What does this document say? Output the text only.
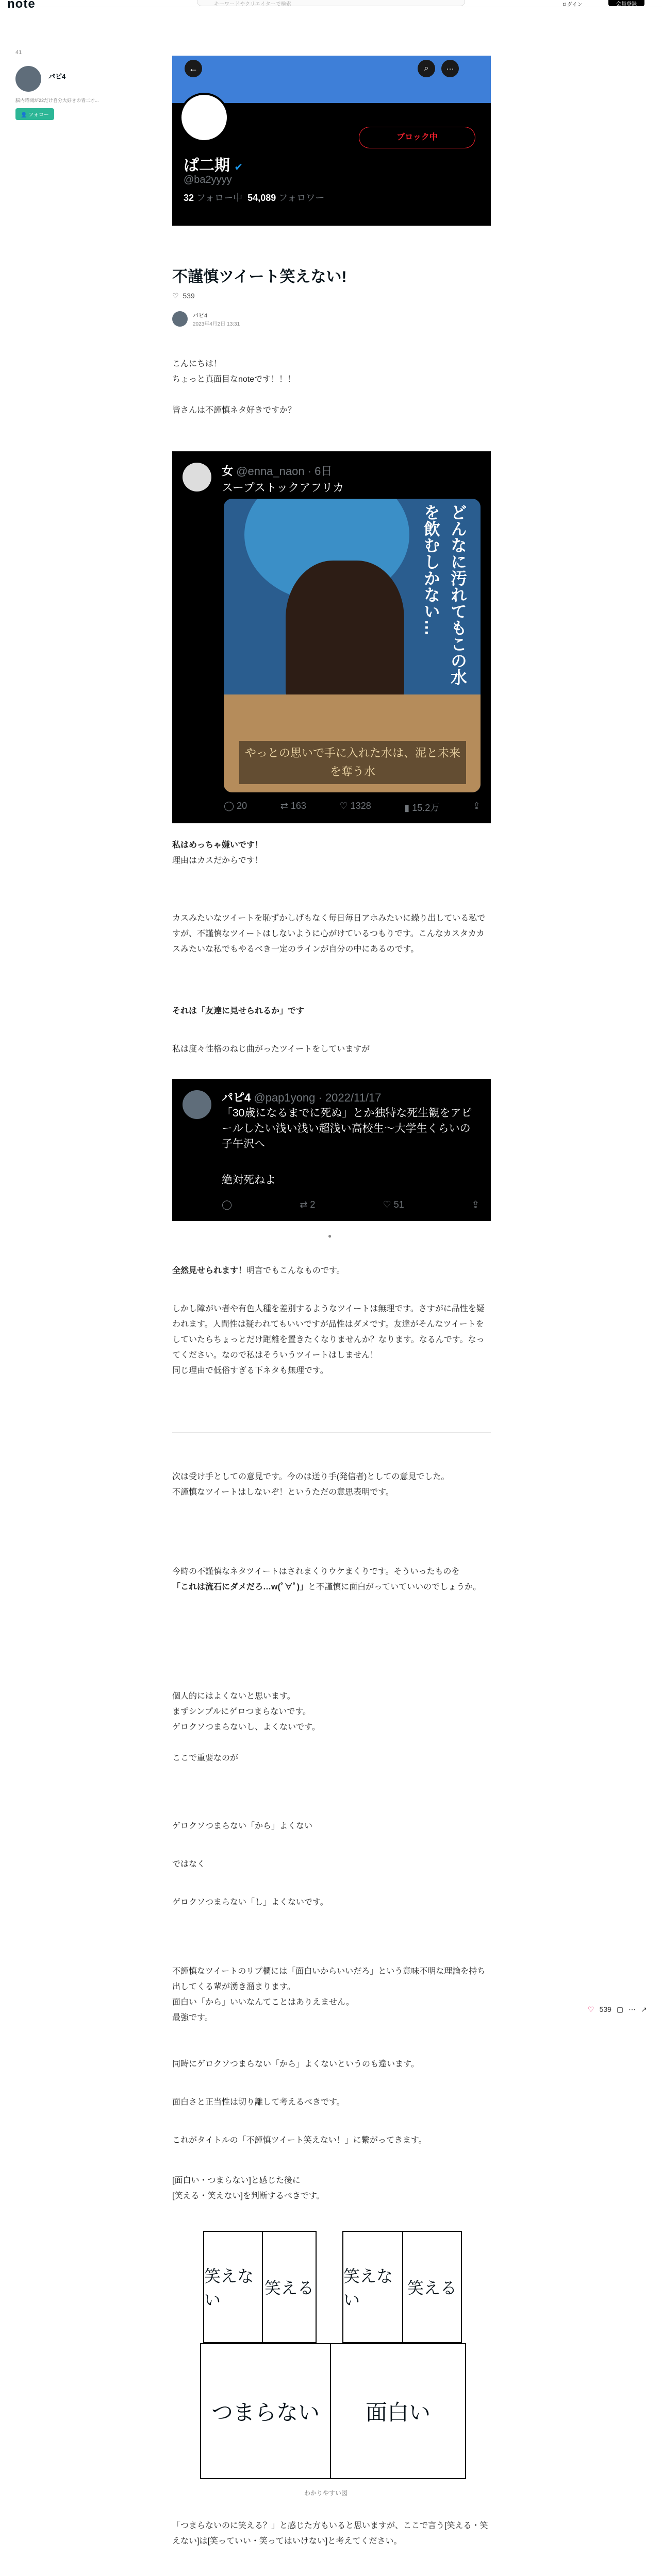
note	キーワードやクリエイターで検索	ログイン	会員登録
41
パピ4
脳内時間が22だけ自分大好きの青二才...
👤 フォロー
←	⌕	…
ブロック中
ぱ二期 ✔
@ba2yyyy
32 フォロー中 54,089 フォロワー
不謹慎ツイート笑えない!
♡ 539
パピ4
2023年4月2日 13:31
こんにちは！
ちょっと真面目なnoteです！！！
皆さんは不謹慎ネタ好きですか？
女 @enna_naon · 6日
スープストックアフリカ
どんなに汚れてもこの水を飲むしかない…
やっとの思いで手に入れた水は、泥と未来を奪う水
◯ 20	⇄ 163	♡ 1328	▮ 15.2万	⇪
私はめっちゃ嫌いです！
理由はカスだからです！
カスみたいなツイートを恥ずかしげもなく毎日毎日アホみたいに繰り出している私ですが、不謹慎なツイートはしないように心がけているつもりです。こんなカスタカカスみたいな私でもやるべき一定のラインが自分の中にあるのです。
それは「友達に見せられるか」です
私は度々性格のねじ曲がったツイートをしていますが
パピ4 @pap1yong · 2022/11/17
「30歳になるまでに死ぬ」とか独特な死生観をアピールしたい浅い浅い超浅い高校生〜大学生くらいの子午沢へ
絶対死ねよ
◯	⇄ 2	♡ 51	⇪
●
全然見せられます！明言でもこんなものです。
しかし障がい者や有色人種を差別するようなツイートは無理です。さすがに品性を疑われます。人間性は疑われてもいいですが品性はダメです。友達がそんなツイートをしていたらちょっとだけ距離を置きたくなりませんか？なります。なるんです。なってください。なので私はそういうツイートはしません！
同じ理由で低俗すぎる下ネタも無理です。
次は受け手としての意見です。今のは送り手(発信者)としての意見でした。
不謹慎なツイートはしないぞ！というただの意思表明です。
今時の不謹慎なネタツイートはされまくりウケまくりです。そういったものを
「これは流石にダメだろ…w(ﾟ∀ﾟ)」と不謹慎に面白がっていていいのでしょうか。
個人的にはよくないと思います。
まずシンプルにゲロつまらないです。
ゲロクソつまらないし、よくないです。
ここで重要なのが
ゲロクソつまらない「から」よくない
ではなく
ゲロクソつまらない「し」よくないです。
不謹慎なツイートのリプ欄には「面白いからいいだろ」という意味不明な理論を持ち出してくる輩が湧き溜まります。
面白い「から」いいなんてことはありえません。
最強です。
同時にゲロクソつまらない「から」よくないというのも違います。
面白さと正当性は切り離して考えるべきです。
これがタイトルの「不謹慎ツイート笑えない！」に繋がってきます。
[面白い・つまらない]と感じた後に
[笑える・笑えない]を判断するべきです。
笑えない
笑える
笑えない
笑える
つまらない	面白い
わかりやすい図
「つまらないのに笑える？」と感じた方もいると思いますが、ここで言う[笑える・笑えない]は[笑っていい・笑ってはいけない]と考えてください。
♡ 539 ▢ ⋯ ↗
